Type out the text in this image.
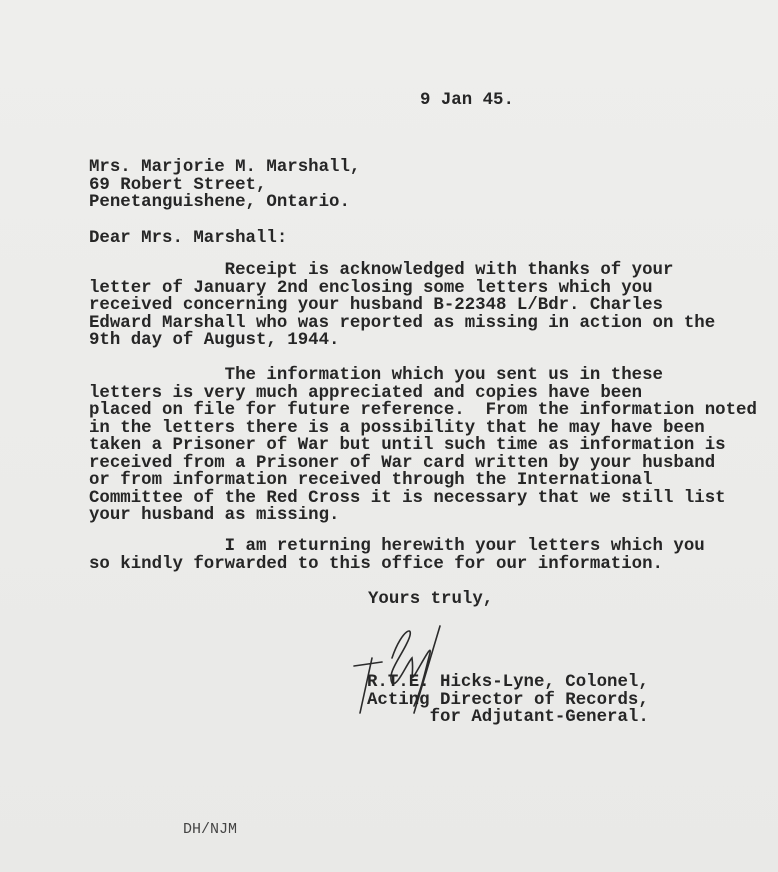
9 Jan 45.
Mrs. Marjorie M. Marshall,
69 Robert Street,
Penetanguishene, Ontario.
Dear Mrs. Marshall:
Receipt is acknowledged with thanks of your
letter of January 2nd enclosing some letters which you
received concerning your husband B-22348 L/Bdr. Charles
Edward Marshall who was reported as missing in action on the
9th day of August, 1944.
The information which you sent us in these
letters is very much appreciated and copies have been
placed on file for future reference.  From the information noted
in the letters there is a possibility that he may have been
taken a Prisoner of War but until such time as information is
received from a Prisoner of War card written by your husband
or from information received through the International
Committee of the Red Cross it is necessary that we still list
your husband as missing.
I am returning herewith your letters which you
so kindly forwarded to this office for our information.
Yours truly,
R.T.E. Hicks-Lyne, Colonel,
Acting Director of Records,
for Adjutant-General.
DH/NJM
